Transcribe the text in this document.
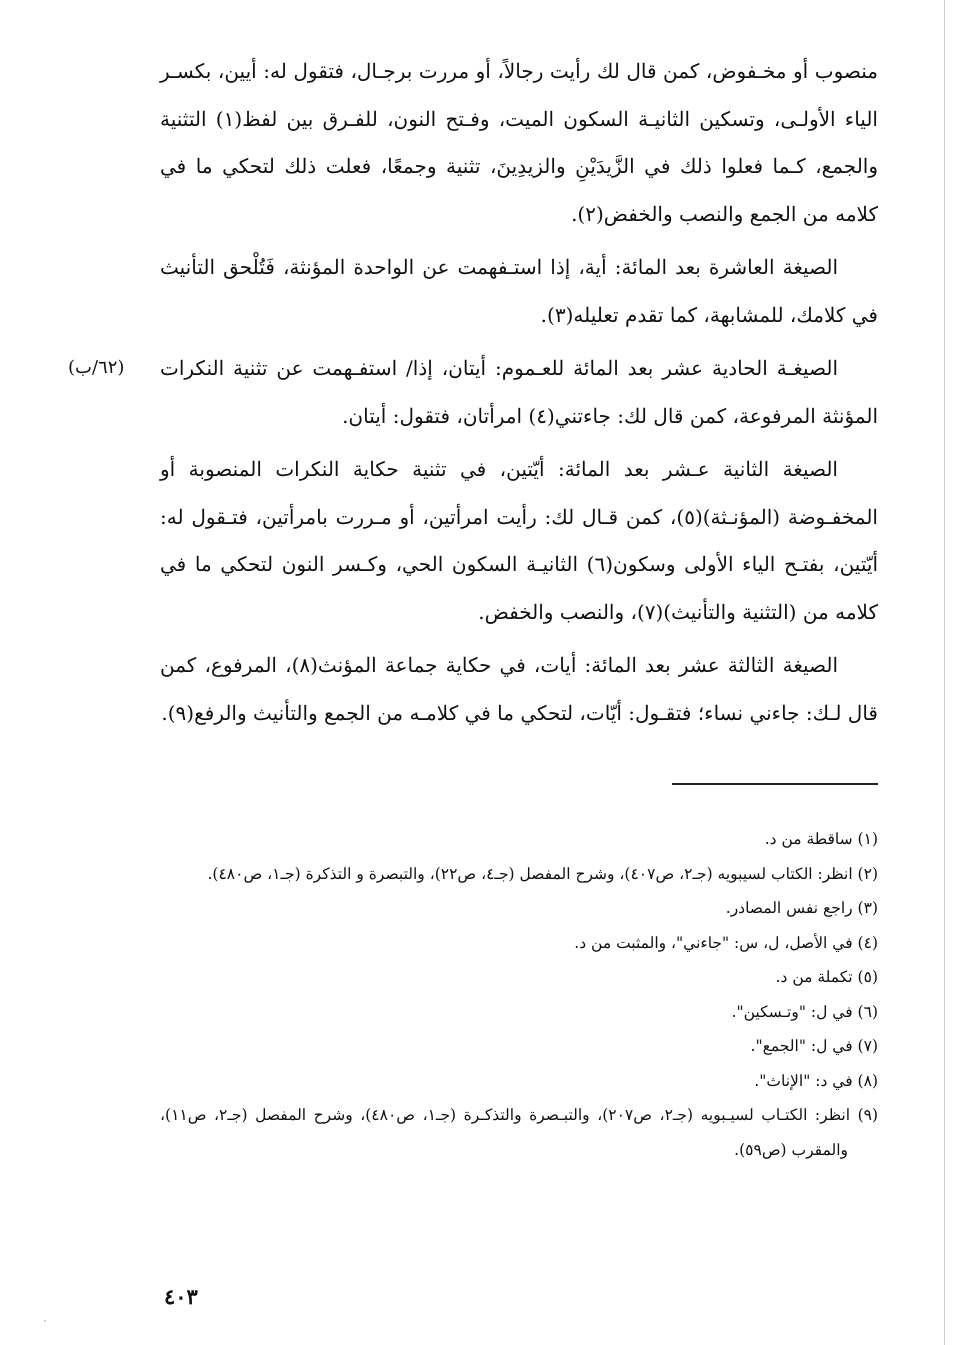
منصوب أو مخـفوض، كمن قال لك رأيت رجالاً، أو مررت برجـال، فتقول له: أيين، بكسـر الياء الأولـى، وتسكين الثانيـة السكون الميت، وفـتح النون، للفـرق بين لفظ(١) التثنية والجمع، كـما فعلوا ذلك في الزَّيدَيْنِ والزيدِينَ، تثنية وجمعًا، فعلت ذلك لتحكي ما في كلامه من الجمع والنصب والخفض(٢).

الصيغة العاشرة بعد المائة: أية، إذا استـفهمت عن الواحدة المؤنثة، فَتُلْحق التأنيث في كلامك، للمشابهة، كما تقدم تعليله(٣).

الصيغـة الحادية عشر بعد المائة للعـموم: أيتان، إذا/ استفـهمت عن تثنية النكرات المؤنثة المرفوعة، كمن قال لك: جاءتني(٤) امرأتان، فتقول: أيتان.

الصيغة الثانية عـشر بعد المائة: أيّتين، في تثنية حكاية النكرات المنصوبة أو المخفـوضة (المؤنـثة)(٥)، كمن قـال لك: رأيت امرأتين، أو مـررت بامرأتين، فتـقول له: أيّتين، بفتـح الياء الأولى وسكون(٦) الثانيـة السكون الحي، وكـسر النون لتحكي ما في كلامه من (التثنية والتأنيث)(٧)، والنصب والخفض.

الصيغة الثالثة عشر بعد المائة: أيات، في حكاية جماعة المؤنث(٨)، المرفوع، كمن قال لـك: جاءني نساء؛ فتقـول: أيّات، لتحكي ما في كلامـه من الجمع والتأنيث والرفع(٩).

(٦٢/ب)

(١) ساقطة من د.

(٢) انظر: الكتاب لسيبويه (جـ٢، ص٤٠٧)، وشرح المفصل (جـ٤، ص٢٢)، والتبصرة و التذكرة (جـ١، ص٤٨٠).

(٣) راجع نفس المصادر.

(٤) في الأصل، ل، س: "جاءني"، والمثبت من د.

(٥) تكملة من د.

(٦) في ل: "وتـسكين".

(٧) في ل: "الجمع".

(٨) في د: "الإناث".

(٩) انظر: الكتـاب لسيـبويه (جـ٢، ص٢٠٧)، والتبـصرة والتذكـرة (جـ١، ص٤٨٠)، وشرح المفصل (جـ٢، ص١١)، والمقرب (ص٥٩).

٤٠٣
